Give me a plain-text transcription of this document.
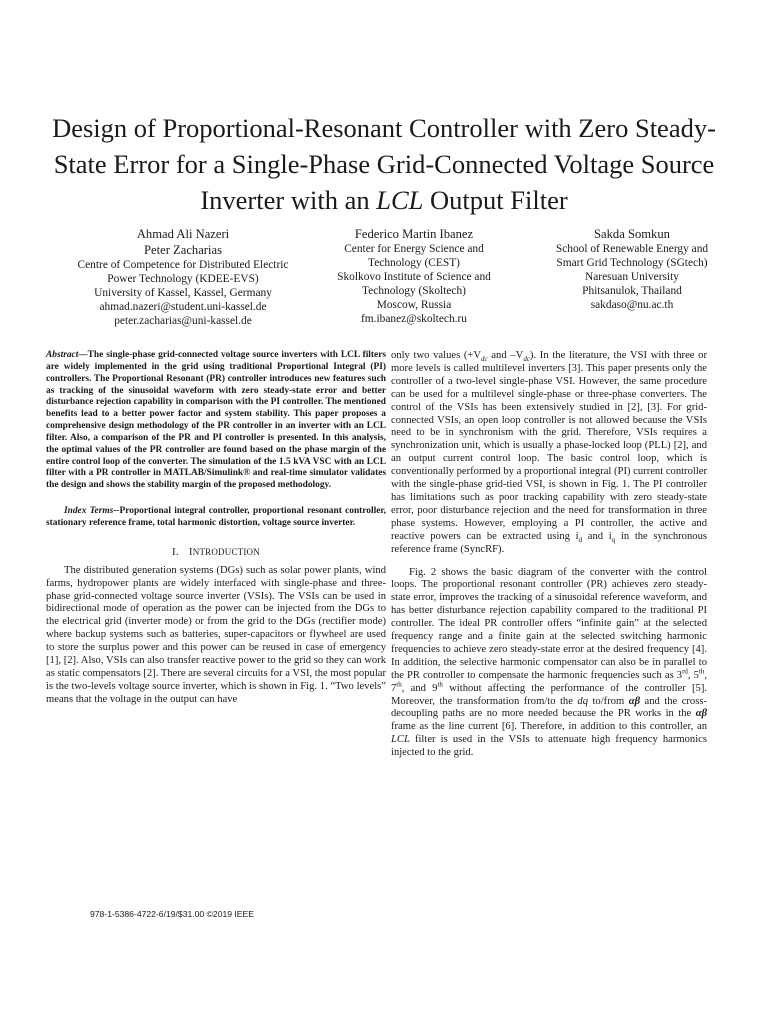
Design of Proportional-Resonant Controller with Zero Steady-State Error for a Single-Phase Grid-Connected Voltage Source Inverter with an LCL Output Filter
Ahmad Ali Nazeri
Peter Zacharias
Centre of Competence for Distributed Electric
Power Technology (KDEE-EVS)
University of Kassel, Kassel, Germany
ahmad.nazeri@student.uni-kassel.de
peter.zacharias@uni-kassel.de
Federico Martin Ibanez
Center for Energy Science and
Technology (CEST)
Skolkovo Institute of Science and
Technology (Skoltech)
Moscow, Russia
fm.ibanez@skoltech.ru
Sakda Somkun
School of Renewable Energy and
Smart Grid Technology (SGtech)
Naresuan University
Phitsanulok, Thailand
sakdaso@nu.ac.th

Abstract—The single-phase grid-connected voltage source inverters with LCL filters are widely implemented in the grid using traditional Proportional Integral (PI) controllers. The Proportional Resonant (PR) controller introduces new features such as tracking of the sinusoidal waveform with zero steady-state error and better disturbance rejection capability in comparison with the PI controller. The mentioned benefits lead to a better power factor and system stability. This paper proposes a comprehensive design methodology of the PR controller in an inverter with an LCL filter. Also, a comparison of the PR and PI controller is presented. In this analysis, the optimal values of the PR controller are found based on the phase margin of the entire control loop of the converter. The simulation of the 1.5 kVA VSC with an LCL filter with a PR controller in MATLAB/Simulink® and real-time simulator validates the design and shows the stability margin of the proposed methodology.

Index Terms--Proportional integral controller, proportional resonant controller, stationary reference frame, total harmonic distortion, voltage source inverter.

I. INTRODUCTION

The distributed generation systems (DGs) such as solar power plants, wind farms, hydropower plants are widely interfaced with single-phase and three-phase grid-connected voltage source inverter (VSIs). The VSIs can be used in bidirectional mode of operation as the power can be injected from the DGs to the electrical grid (inverter mode) or from the grid to the DGs (rectifier mode) where backup systems such as batteries, super-capacitors or flywheel are used to store the surplus power and this power can be reused in case of emergency [1], [2]. Also, VSIs can also transfer reactive power to the grid so they can work as static compensators [2]. There are several circuits for a VSI, the most popular is the two-levels voltage source inverter, which is shown in Fig. 1. “Two levels” means that the voltage in the output can have

only two values ($+V_{dc}$ and $-V_{dc}$). In the literature, the VSI with three or more levels is called multilevel inverters [3]. This paper presents only the controller of a two-level single-phase VSI. However, the same procedure can be used for a multilevel single-phase or three-phase converters. The control of the VSIs has been extensively studied in [2], [3]. For grid-connected VSIs, an open loop controller is not allowed because the VSIs need to be in synchronism with the grid. Therefore, VSIs requires a synchronization unit, which is usually a phase-locked loop (PLL) [2], and an output current control loop. The basic control loop, which is conventionally performed by a proportional integral (PI) current controller with the single-phase grid-tied VSI, is shown in Fig. 1. The PI controller has limitations such as poor tracking capability with zero steady-state error, poor disturbance rejection and the need for transformation in three phase systems. However, employing a PI controller, the active and reactive powers can be extracted using $i_d$ and $i_q$ in the synchronous reference frame (SyncRF).

Fig. 2 shows the basic diagram of the converter with the control loops. The proportional resonant controller (PR) achieves zero steady-state error, improves the tracking of a sinusoidal reference waveform, and has better disturbance rejection capability compared to the traditional PI controller. The ideal PR controller offers “infinite gain” at the selected frequency range and a finite gain at the selected switching harmonic frequencies to achieve zero steady-state error at the desired frequency [4]. In addition, the selective harmonic compensator can also be in parallel to the PR controller to compensate the harmonic frequencies such as 3rd, 5th, 7th, and 9th without affecting the performance of the controller [5]. Moreover, the transformation from/to the dq to/from αβ and the cross-decoupling paths are no more needed because the PR works in the αβ frame as the line current [6]. Therefore, in addition to this controller, an LCL filter is used in the VSIs to attenuate high frequency harmonics injected to the grid.

978-1-5386-4722-6/19/$31.00 ©2019 IEEE
